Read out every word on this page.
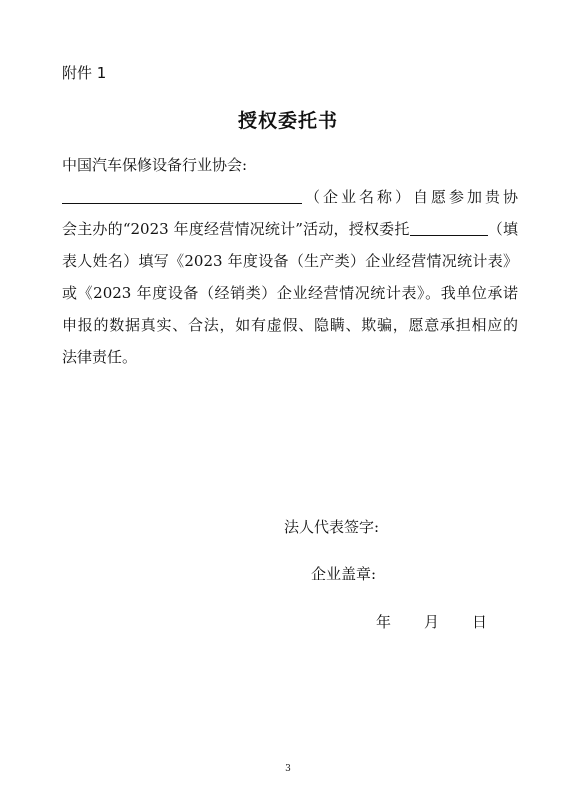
附件 1
授权委托书
中国汽车保修设备行业协会:
（企业名称）自愿参加贵协
会主办的“2023 年度经营情况统计”活动，授权委托	（填
表人姓名）填写《2023 年度设备（生产类）企业经营情况统计表》
或《2023 年度设备（经销类）企业经营情况统计表》。我单位承诺
申报的数据真实、合法，如有虚假、隐瞒、欺骗，愿意承担相应的
法律责任。
法人代表签字:
企业盖章:
年 月 日
3
